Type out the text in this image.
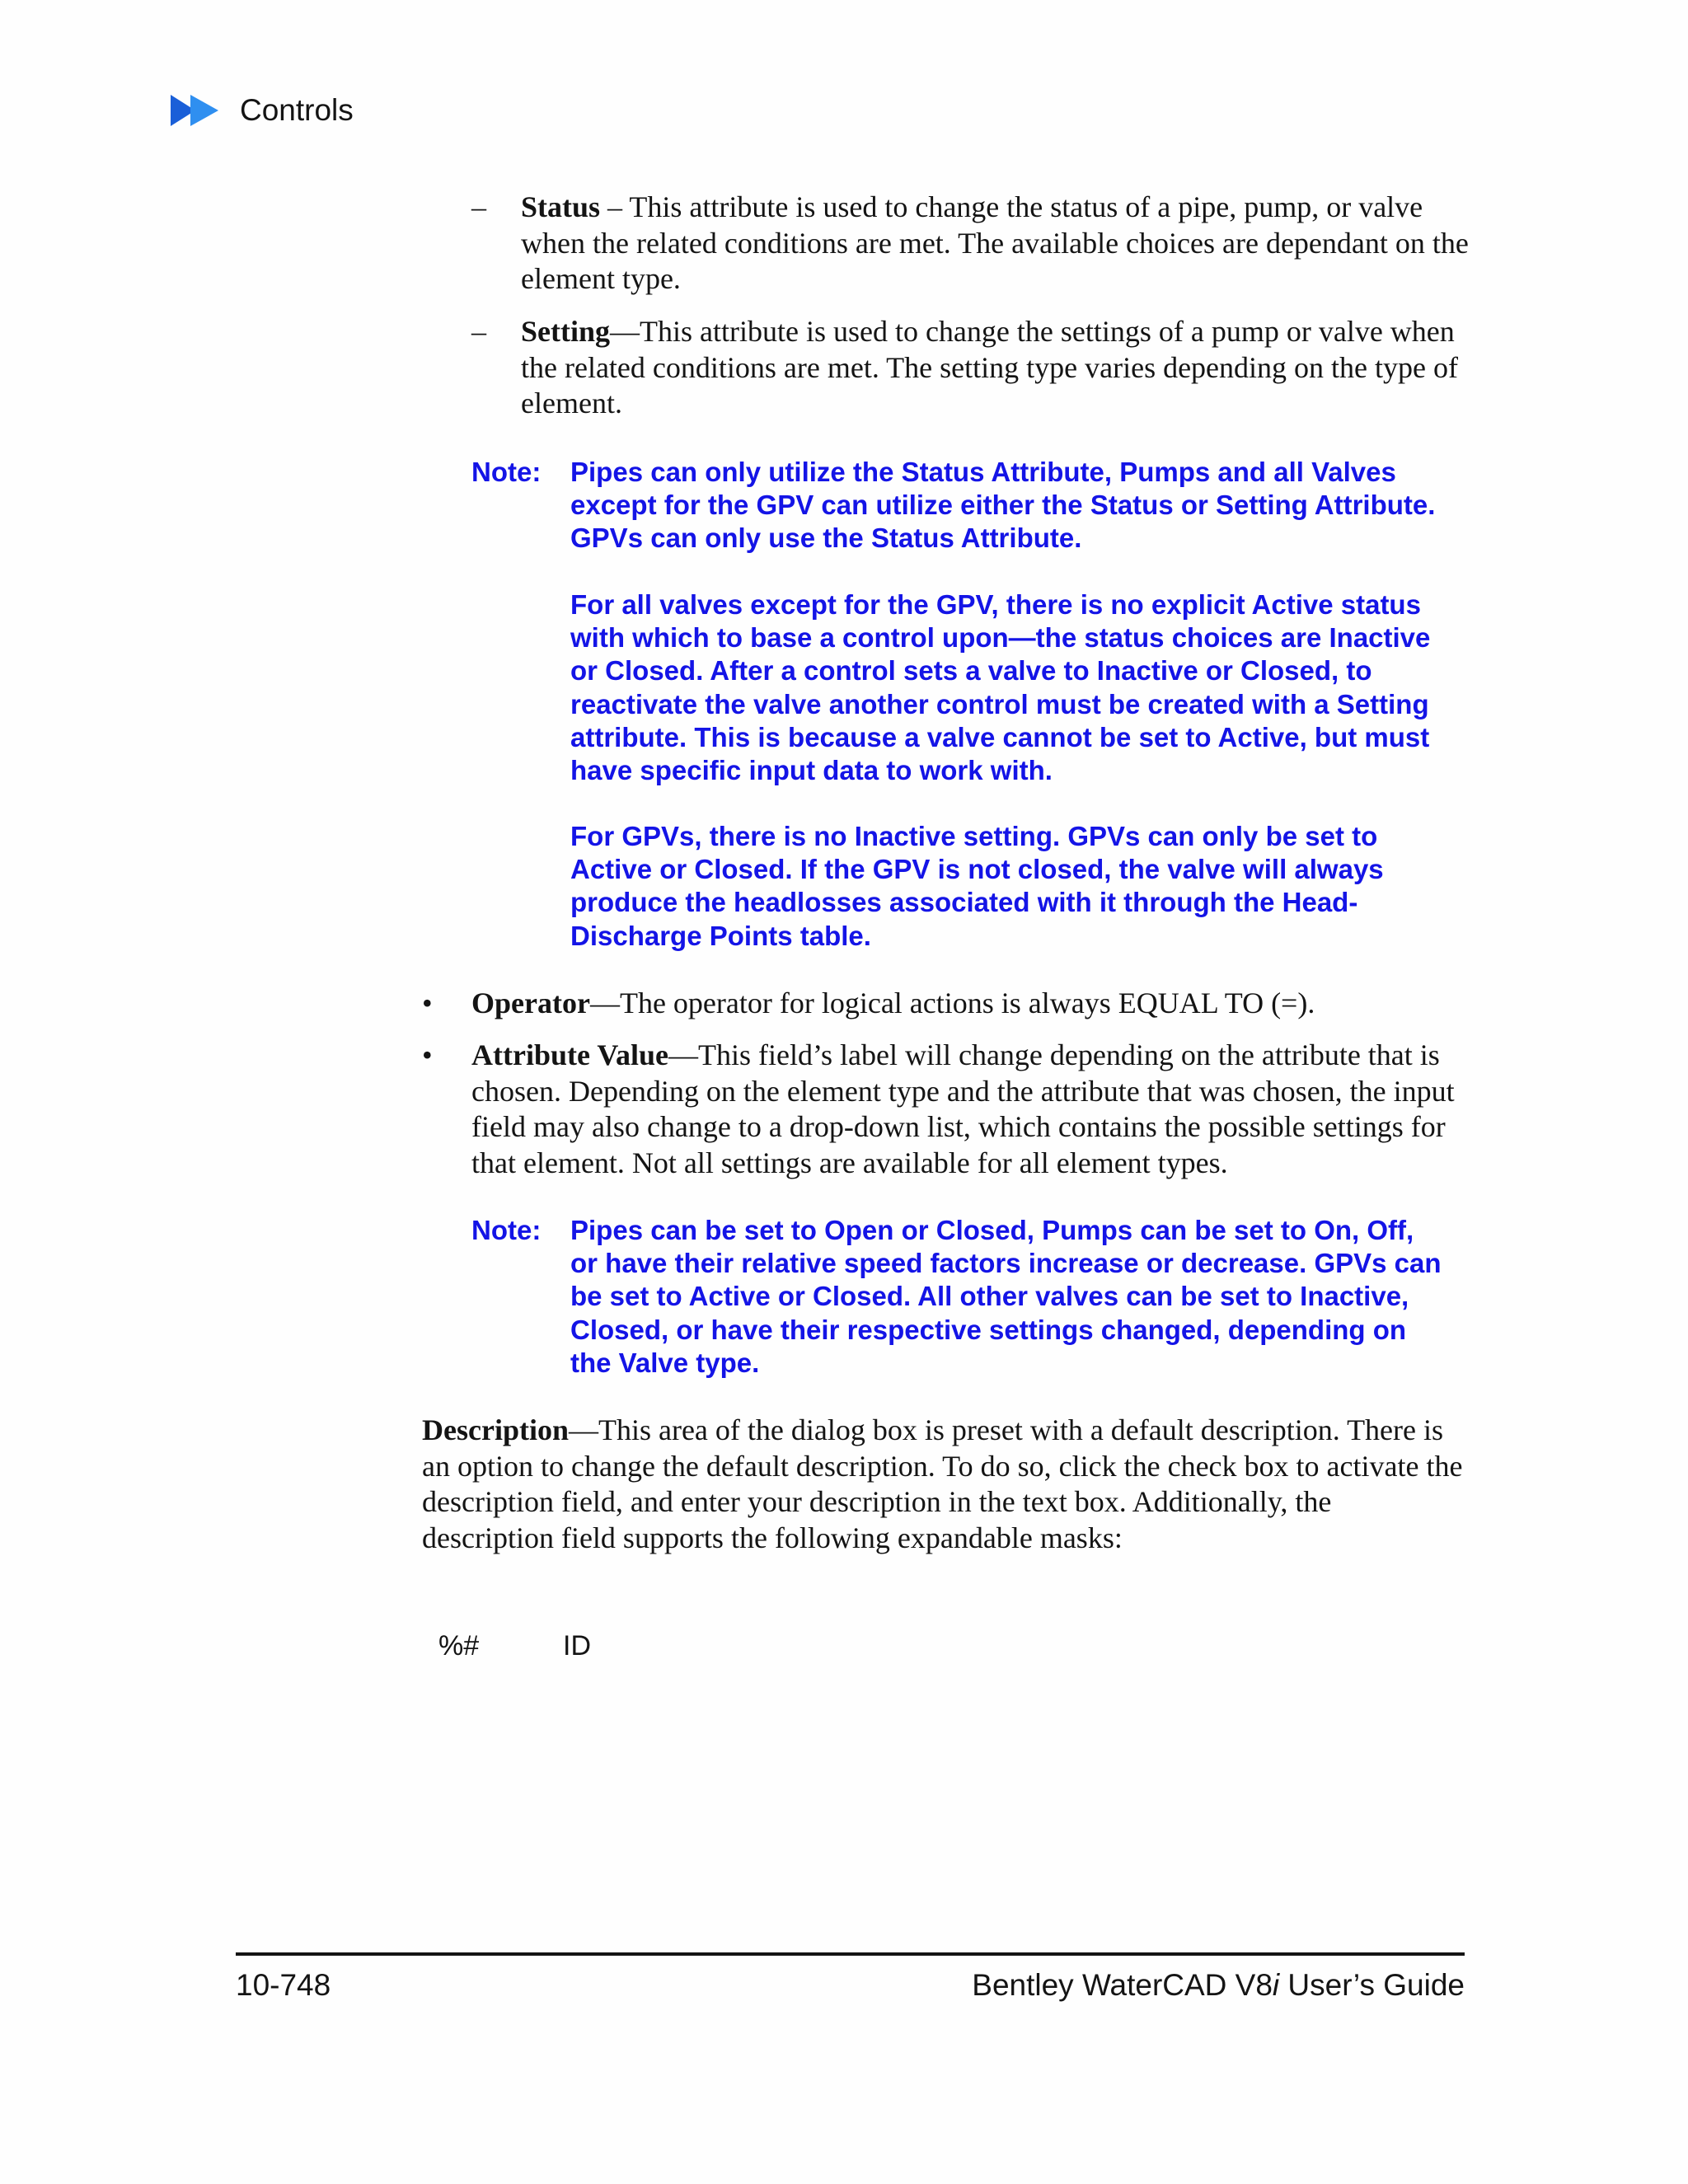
Controls
– Status – This attribute is used to change the status of a pipe, pump, or valve when the related conditions are met. The available choices are dependant on the element type.
– Setting—This attribute is used to change the settings of a pump or valve when the related conditions are met. The setting type varies depending on the type of element.
Note: Pipes can only utilize the Status Attribute, Pumps and all Valves except for the GPV can utilize either the Status or Setting Attribute. GPVs can only use the Status Attribute.
For all valves except for the GPV, there is no explicit Active status with which to base a control upon—the status choices are Inactive or Closed. After a control sets a valve to Inactive or Closed, to reactivate the valve another control must be created with a Setting attribute. This is because a valve cannot be set to Active, but must have specific input data to work with.
For GPVs, there is no Inactive setting. GPVs can only be set to Active or Closed. If the GPV is not closed, the valve will always produce the headlosses associated with it through the Head-Discharge Points table.
• Operator—The operator for logical actions is always EQUAL TO (=).
• Attribute Value—This field’s label will change depending on the attribute that is chosen. Depending on the element type and the attribute that was chosen, the input field may also change to a drop-down list, which contains the possible settings for that element. Not all settings are available for all element types.
Note: Pipes can be set to Open or Closed, Pumps can be set to On, Off, or have their relative speed factors increase or decrease. GPVs can be set to Active or Closed. All other valves can be set to Inactive, Closed, or have their respective settings changed, depending on the Valve type.
Description—This area of the dialog box is preset with a default description. There is an option to change the default description. To do so, click the check box to activate the description field, and enter your description in the text box. Additionally, the description field supports the following expandable masks:
%#	ID
10-748	Bentley WaterCAD V8i User’s Guide
